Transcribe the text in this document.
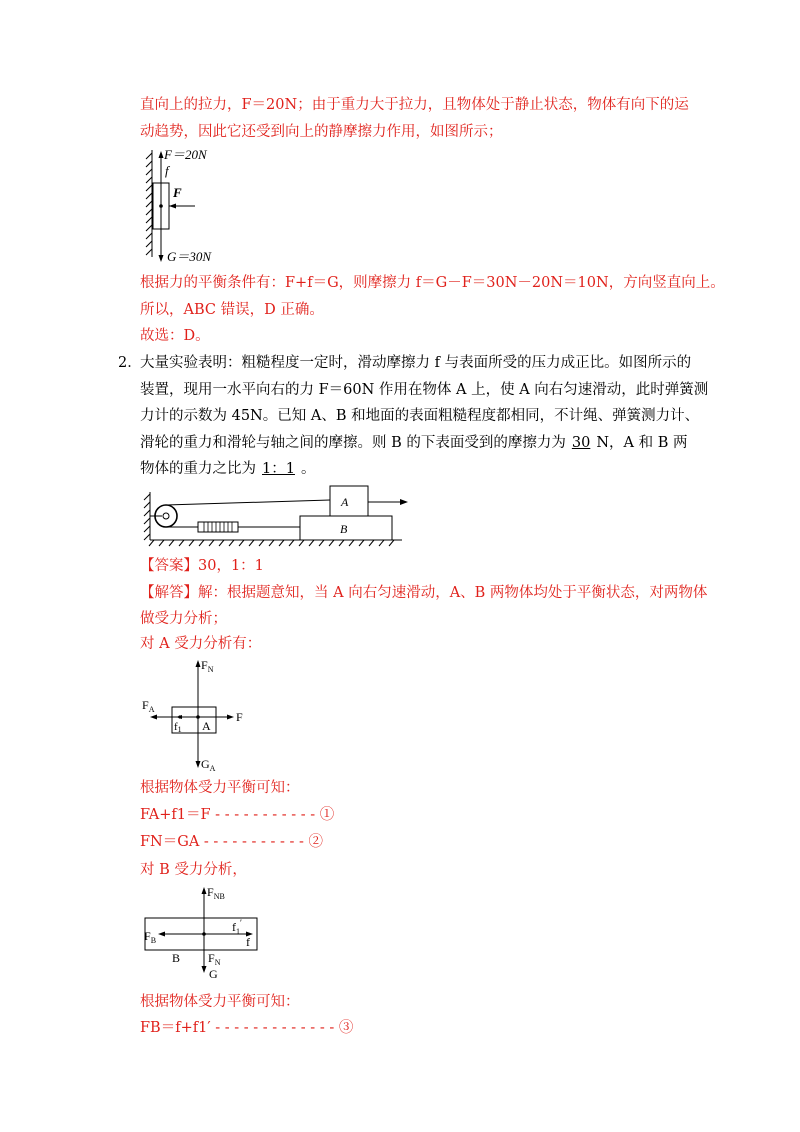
直向上的拉力，F＝20N；由于重力大于拉力，且物体处于静止状态，物体有向下的运
动趋势，因此它还受到向上的静摩擦力作用，如图所示；
F＝20N
f
F
G＝30N
根据力的平衡条件有：F+f＝G，则摩擦力 f＝G－F＝30N－20N＝10N，方向竖直向上。
所以，ABC 错误，D 正确。
故选：D。
2．
大量实验表明：粗糙程度一定时，滑动摩擦力 f 与表面所受的压力成正比。如图所示的
装置，现用一水平向右的力 F＝60N 作用在物体 A 上，使 A 向右匀速滑动，此时弹簧测
力计的示数为 45N。已知 A、B 和地面的表面粗糙程度都相同，不计绳、弹簧测力计、
滑轮的重力和滑轮与轴之间的摩擦。则 B 的下表面受到的摩擦力为 30 N，A 和 B 两
物体的重力之比为 1：1 。
A
B
【答案】30，1：1
【解答】解：根据题意知，当 A 向右匀速滑动，A、B 两物体均处于平衡状态，对两物体
做受力分析；
对 A 受力分析有：
$F_N$
$F_A$
F
f1 A
$G_A$
根据物体受力平衡可知：
FA+f1＝F - - - - - - - - - - - ①
FN＝GA - - - - - - - - - - - ②
对 B 受力分析，
$F_{NB}$
$F_B$
$f_1'$
f
B $F_N$
G
根据物体受力平衡可知：
FB＝f+f1′ - - - - - - - - - - - - - ③
